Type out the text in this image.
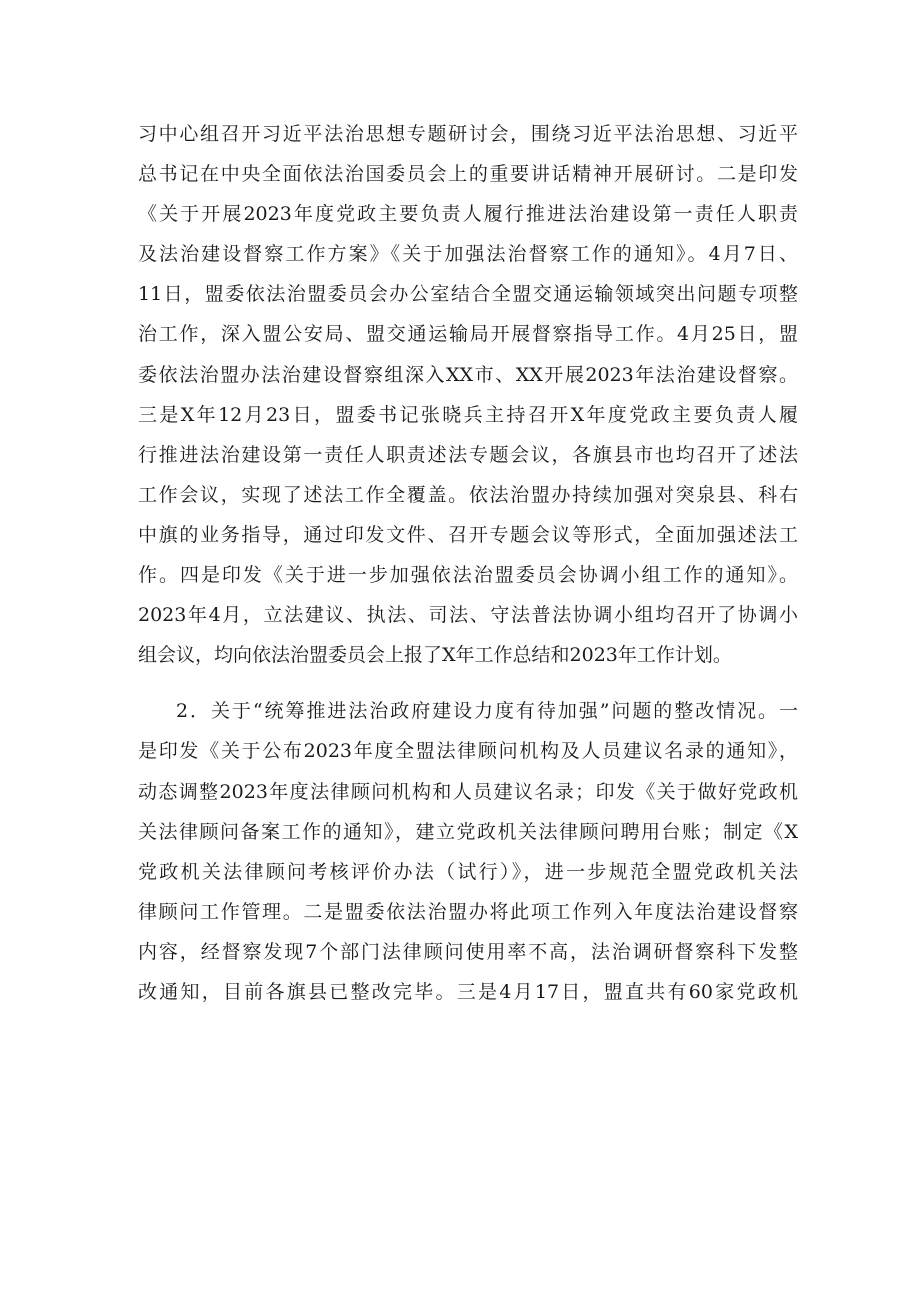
习中心组召开习近平法治思想专题研讨会，围绕习近平法治思想、习近平
总书记在中央全面依法治国委员会上的重要讲话精神开展研讨。二是印发
《关于开展2023年度党政主要负责人履行推进法治建设第一责任人职责
及法治建设督察工作方案》《关于加强法治督察工作的通知》。4月7日、
11日，盟委依法治盟委员会办公室结合全盟交通运输领域突出问题专项整
治工作，深入盟公安局、盟交通运输局开展督察指导工作。4月25日，盟
委依法治盟办法治建设督察组深入XX市、XX开展2023年法治建设督察。
三是X年12月23日，盟委书记张晓兵主持召开X年度党政主要负责人履
行推进法治建设第一责任人职责述法专题会议，各旗县市也均召开了述法
工作会议，实现了述法工作全覆盖。依法治盟办持续加强对突泉县、科右
中旗的业务指导，通过印发文件、召开专题会议等形式，全面加强述法工
作。四是印发《关于进一步加强依法治盟委员会协调小组工作的通知》。
2023年4月，立法建议、执法、司法、守法普法协调小组均召开了协调小
组会议，均向依法治盟委员会上报了X年工作总结和2023年工作计划。
2．关于“统筹推进法治政府建设力度有待加强”问题的整改情况。一
是印发《关于公布2023年度全盟法律顾问机构及人员建议名录的通知》，
动态调整2023年度法律顾问机构和人员建议名录；印发《关于做好党政机
关法律顾问备案工作的通知》，建立党政机关法律顾问聘用台账；制定《X
党政机关法律顾问考核评价办法（试行）》，进一步规范全盟党政机关法
律顾问工作管理。二是盟委依法治盟办将此项工作列入年度法治建设督察
内容，经督察发现7个部门法律顾问使用率不高，法治调研督察科下发整
改通知，目前各旗县已整改完毕。三是4月17日，盟直共有60家党政机
